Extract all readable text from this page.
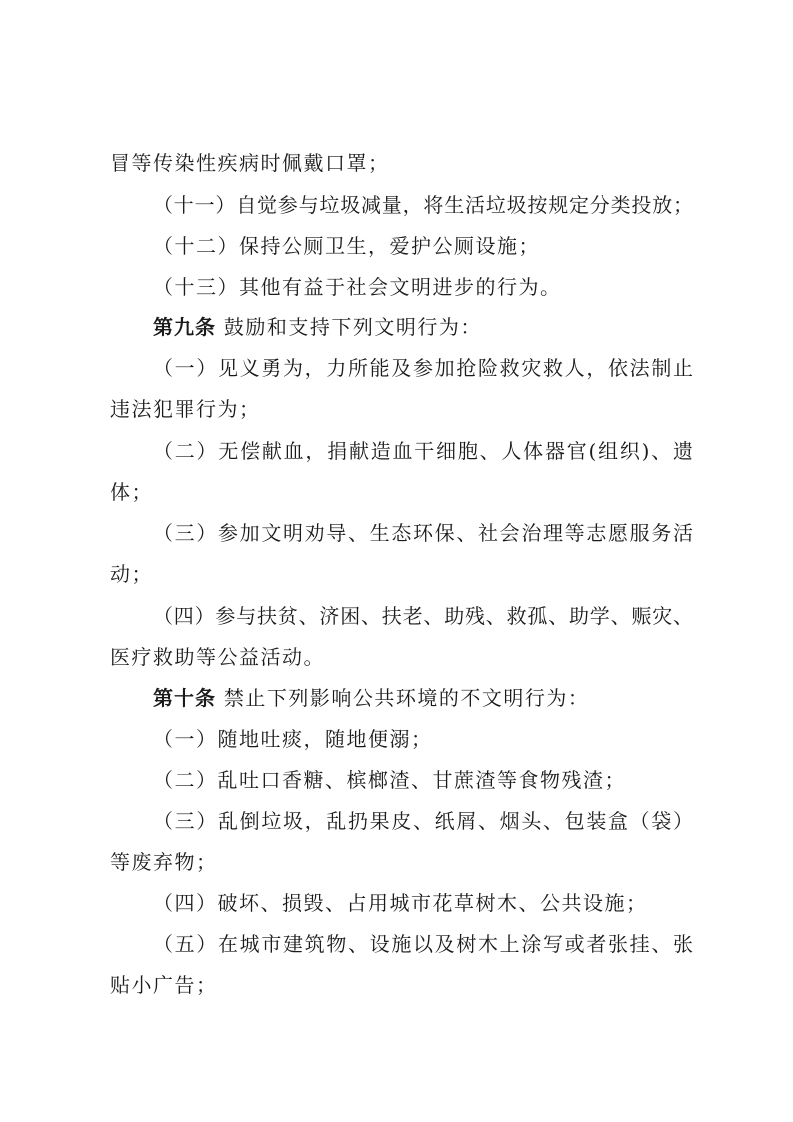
冒等传染性疾病时佩戴口罩；
（十一）自觉参与垃圾减量，将生活垃圾按规定分类投放；
（十二）保持公厕卫生，爱护公厕设施；
（十三）其他有益于社会文明进步的行为。
第九条 鼓励和支持下列文明行为：
（一）见义勇为，力所能及参加抢险救灾救人，依法制止
违法犯罪行为；
（二）无偿献血，捐献造血干细胞、人体器官(组织)、遗
体；
（三）参加文明劝导、生态环保、社会治理等志愿服务活
动；
（四）参与扶贫、济困、扶老、助残、救孤、助学、赈灾、
医疗救助等公益活动。
第十条 禁止下列影响公共环境的不文明行为：
（一）随地吐痰，随地便溺；
（二）乱吐口香糖、槟榔渣、甘蔗渣等食物残渣；
（三）乱倒垃圾，乱扔果皮、纸屑、烟头、包装盒（袋）
等废弃物；
（四）破坏、损毁、占用城市花草树木、公共设施；
（五）在城市建筑物、设施以及树木上涂写或者张挂、张
贴小广告；
